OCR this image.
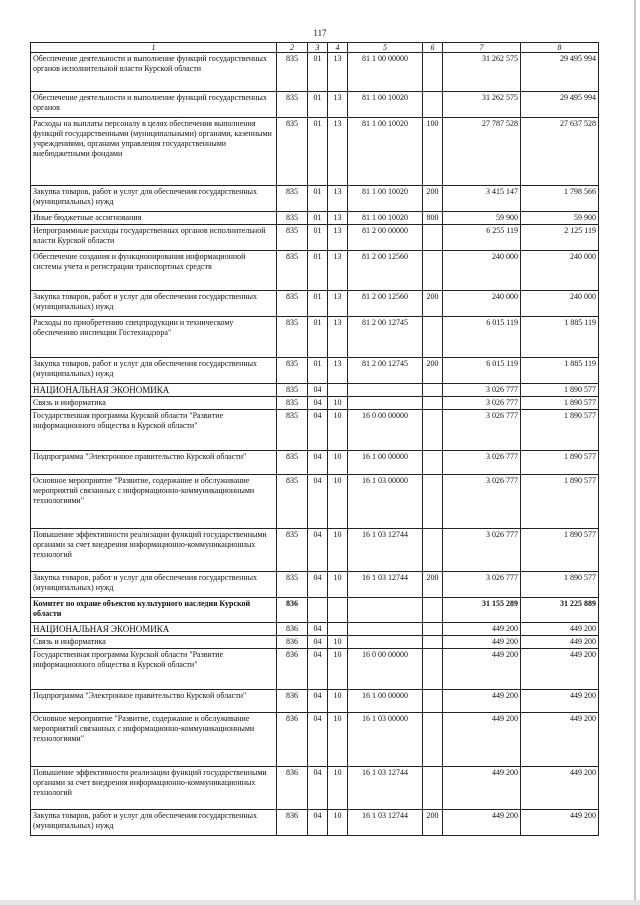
117
1	2	3	4	5	6	7	8
Обеспечение деятельности и выполнение функций государственных органов исполнительной власти Курской области	835	01	13	81 1 00 00000		31 262 575	29 495 994
Обеспечение деятельности и выполнение функций государственных органов	835	01	13	81 1 00 10020		31 262 575	29 495 994
Расходы на выплаты персоналу в целях обеспечения выполнения функций государственными (муниципальными) органами, казенными учреждениями, органами управления государственными внебюджетными фондами	835	01	13	81 1 00 10020	100	27 787 528	27 637 528
Закупка товаров, работ и услуг для обеспечения государственных (муниципальных) нужд	835	01	13	81 1 00 10020	200	3 415 147	1 798 566
Иные бюджетные ассигнования	835	01	13	81 1 00 10020	800	59 900	59 900
Непрограммные расходы государственных органов исполнительной власти Курской области	835	01	13	81 2 00 00000		6 255 119	2 125 119
Обеспечение создания и функционирования информационной системы учета и регистрации транспортных средств	835	01	13	81 2 00 12560		240 000	240 000
Закупка товаров, работ и услуг для обеспечения государственных (муниципальных) нужд	835	01	13	81 2 00 12560	200	240 000	240 000
Расходы по приобретению спецпродукции и техническому обеспечению инспекции Гостехнадзора"	835	01	13	81 2 00 12745		6 015 119	1 885 119
Закупка товаров, работ и услуг для обеспечения государственных (муниципальных) нужд	835	01	13	81 2 00 12745	200	6 015 119	1 885 119
НАЦИОНАЛЬНАЯ ЭКОНОМИКА	835	04				3 026 777	1 890 577
Связь и информатика	835	04	10			3 026 777	1 890 577
Государственная программа Курской области "Развитие информационного общества в Курской области"	835	04	10	16 0 00 00000		3 026 777	1 890 577
Подпрограмма "Электронное правительство Курской области"	835	04	10	16 1 00 00000		3 026 777	1 890 577
Основное мероприятие "Развитие, содержание и обслуживание мероприятий связанных с информационно-коммуникационными технологиями"	835	04	10	16 1 03 00000		3 026 777	1 890 577
Повышение эффективности реализации функций государственными органами за счет внедрения информационно-коммуникационных технологий	835	04	10	16 1 03 12744		3 026 777	1 890 577
Закупка товаров, работ и услуг для обеспечения государственных (муниципальных) нужд	835	04	10	16 1 03 12744	200	3 026 777	1 890 577
Комитет по охране объектов культурного наследия Курской области	836					31 155 289	31 225 889
НАЦИОНАЛЬНАЯ ЭКОНОМИКА	836	04				449 200	449 200
Связь и информатика	836	04	10			449 200	449 200
Государственная программа Курской области "Развитие информационного общества в Курской области"	836	04	10	16 0 00 00000		449 200	449 200
Подпрограмма "Электронное правительство Курской области"	836	04	10	16 1 00 00000		449 200	449 200
Основное мероприятие "Развитие, содержание и обслуживание мероприятий связанных с информационно-коммуникационными технологиями"	836	04	10	16 1 03 00000		449 200	449 200
Повышение эффективности реализации функций государственными органами за счет внедрения информационно-коммуникационных технологий	836	04	10	16 1 03 12744		449 200	449 200
Закупка товаров, работ и услуг для обеспечения государственных (муниципальных) нужд	836	04	10	16 1 03 12744	200	449 200	449 200
